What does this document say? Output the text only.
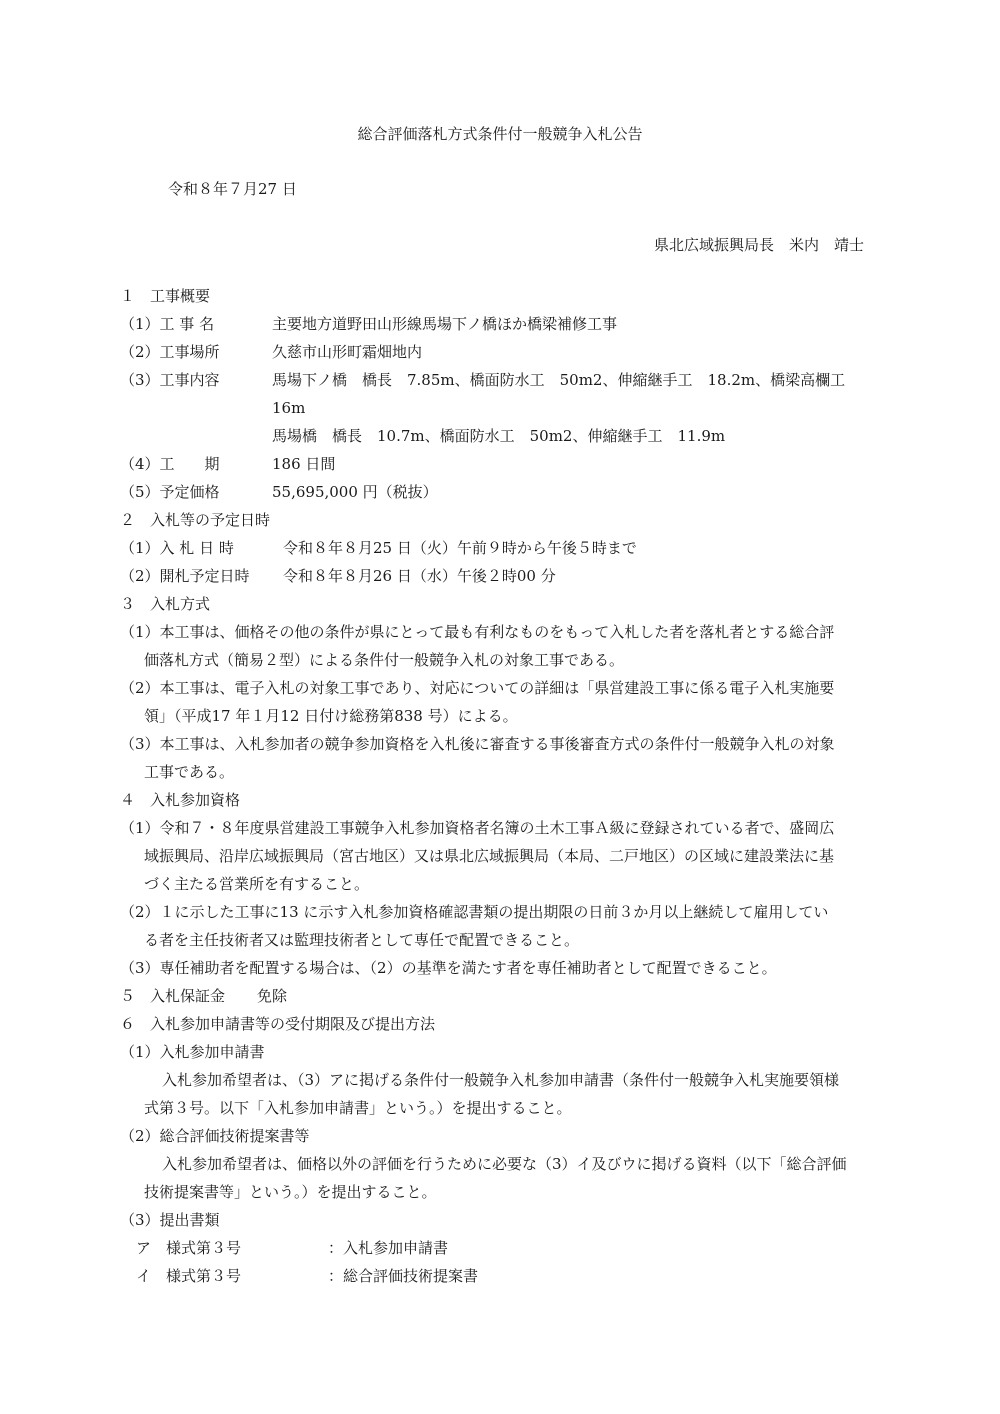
総合評価落札方式条件付一般競争入札公告
令和８年７月27 日
県北広域振興局長　米内　靖士
１　工事概要
（1）工 事 名	主要地方道野田山形線馬場下ノ橋ほか橋梁補修工事
（2）工事場所	久慈市山形町霜畑地内
（3）工事内容	馬場下ノ橋　橋長　7.85m、橋面防水工　50m2、伸縮継手工　18.2m、橋梁高欄工
16m
馬場橋　橋長　10.7m、橋面防水工　50m2、伸縮継手工　11.9m
（4）工　　期	186 日間
（5）予定価格	55,695,000 円（税抜）
２　入札等の予定日時
（1）入 札 日 時	令和８年８月25 日（火）午前９時から午後５時まで
（2）開札予定日時	令和８年８月26 日（水）午後２時00 分
３　入札方式
（1）本工事は、価格その他の条件が県にとって最も有利なものをもって入札した者を落札者とする総合評
価落札方式（簡易２型）による条件付一般競争入札の対象工事である。
（2）本工事は、電子入札の対象工事であり、対応についての詳細は「県営建設工事に係る電子入札実施要
領」（平成17 年１月12 日付け総務第838 号）による。
（3）本工事は、入札参加者の競争参加資格を入札後に審査する事後審査方式の条件付一般競争入札の対象
工事である。
４　入札参加資格
（1）令和７・８年度県営建設工事競争入札参加資格者名簿の土木工事Ａ級に登録されている者で、盛岡広
域振興局、沿岸広域振興局（宮古地区）又は県北広域振興局（本局、二戸地区）の区域に建設業法に基
づく主たる営業所を有すること。
（2）１に示した工事に13 に示す入札参加資格確認書類の提出期限の日前３か月以上継続して雇用してい
る者を主任技術者又は監理技術者として専任で配置できること。
（3）専任補助者を配置する場合は、（2）の基準を満たす者を専任補助者として配置できること。
５　入札保証金 免除
６　入札参加申請書等の受付期限及び提出方法
（1）入札参加申請書
入札参加希望者は、（3）アに掲げる条件付一般競争入札参加申請書（条件付一般競争入札実施要領様
式第３号。以下「入札参加申請書」という。）を提出すること。
（2）総合評価技術提案書等
入札参加希望者は、価格以外の評価を行うために必要な（3）イ及びウに掲げる資料（以下「総合評価
技術提案書等」という。）を提出すること。
（3）提出書類
ア 様式第３号	：入札参加申請書
イ 様式第３号	：総合評価技術提案書
